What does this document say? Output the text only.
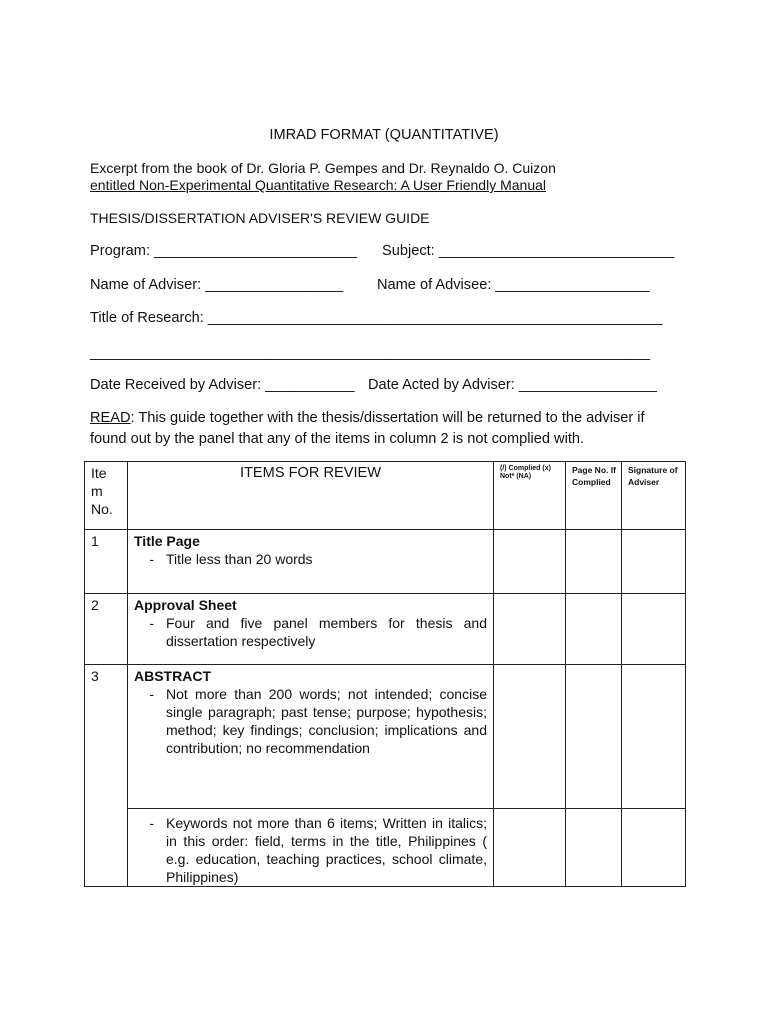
IMRAD FORMAT (QUANTITATIVE)
Excerpt from the book of Dr. Gloria P. Gempes and Dr. Reynaldo O. Cuizon
entitled Non-Experimental Quantitative Research: A User Friendly Manual
THESIS/DISSERTATION ADVISER'S REVIEW GUIDE
Program: _________________________ Subject: _____________________________
Name of Adviser: _________________ Name of Advisee: ___________________
Title of Research: ________________________________________________________
_____________________________________________________________________
Date Received by Adviser: ___________ Date Acted by Adviser: _________________
READ: This guide together with the thesis/dissertation will be returned to the adviser if
found out by the panel that any of the items in column 2 is not complied with.
Ite
m
No.	ITEMS FOR REVIEW	(/) Complied (x) Not* (NA)	Page No. If Complied	Signature of Adviser
1	Title Page
- Title less than 20 words			

2	Approval Sheet
- Four and five panel members for thesis and dissertation respectively			

3	ABSTRACT
- Not more than 200 words; not intended; concise single paragraph; past tense; purpose; hypothesis; method; key findings; conclusion; implications and contribution; no recommendation			

	- Keywords not more than 6 items; Written in italics; in this order: field, terms in the title, Philippines ( e.g. education, teaching practices, school climate, Philippines)			
